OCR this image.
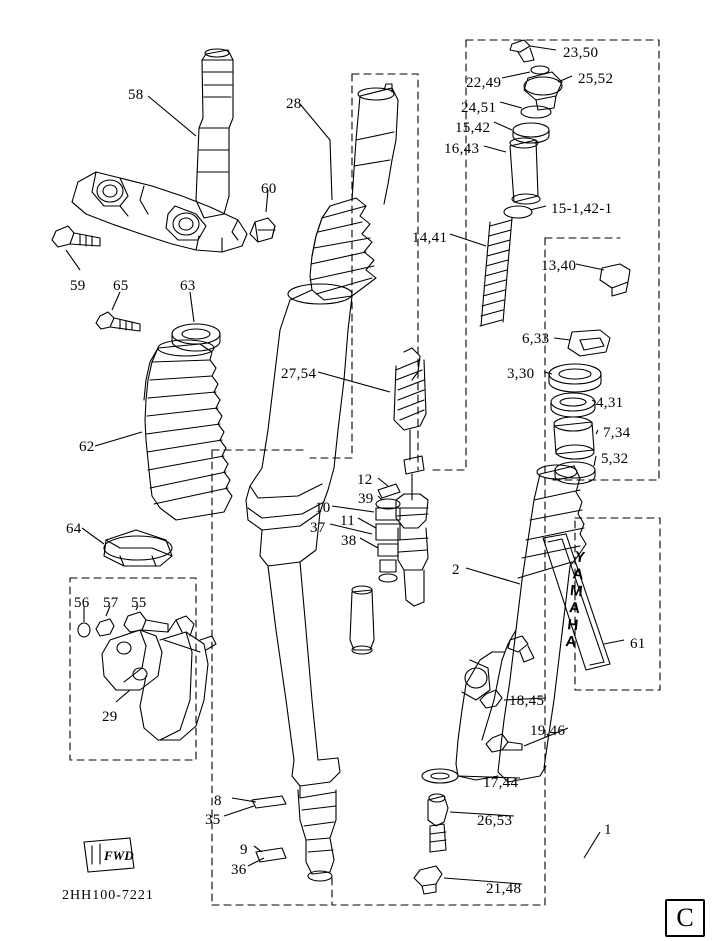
58
28
23,50
25,52
22,49
24,51
15,42
16,43
60
15-1,42-1
14,41
59 65	63
13,40
6,33
3,30
4,31
27,54
7,34
5,32
62
12
39
10
11
37
38
64
2
61
56 57 55
29
18,45
19,46
17,44
8
35	26,53
9
36
21,48
1
YAMAHA
FWD
2HH100-7221
C
